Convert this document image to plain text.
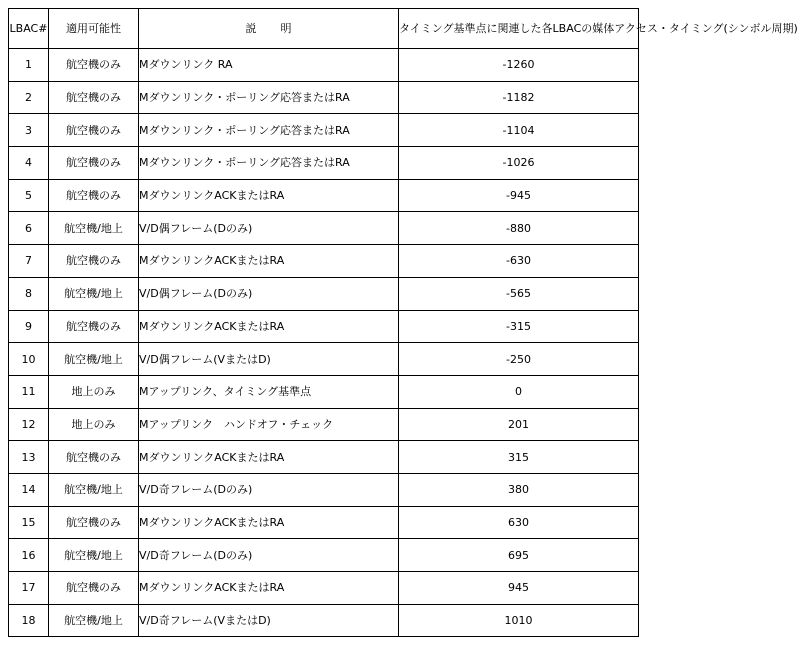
LBAC#	適用可能性	説 明	タイミング基準点に関連した各LBACの媒体アクセス・タイミング(シンボル周期)
1	航空機のみ	Mダウンリンク RA	-1260
2	航空機のみ	Mダウンリンク・ポーリング応答またはRA	-1182
3	航空機のみ	Mダウンリンク・ポーリング応答またはRA	-1104
4	航空機のみ	Mダウンリンク・ポーリング応答またはRA	-1026
5	航空機のみ	MダウンリンクACKまたはRA	-945
6	航空機/地上	V/D偶フレーム(Dのみ)	-880
7	航空機のみ	MダウンリンクACKまたはRA	-630
8	航空機/地上	V/D偶フレーム(Dのみ)	-565
9	航空機のみ	MダウンリンクACKまたはRA	-315
10	航空機/地上	V/D偶フレーム(VまたはD)	-250
11	地上のみ	Mアップリンク、タイミング基準点	0
12	地上のみ	Mアップリンク　ハンドオフ・チェック	201
13	航空機のみ	MダウンリンクACKまたはRA	315
14	航空機/地上	V/D奇フレーム(Dのみ)	380
15	航空機のみ	MダウンリンクACKまたはRA	630
16	航空機/地上	V/D奇フレーム(Dのみ)	695
17	航空機のみ	MダウンリンクACKまたはRA	945
18	航空機/地上	V/D奇フレーム(VまたはD)	1010
